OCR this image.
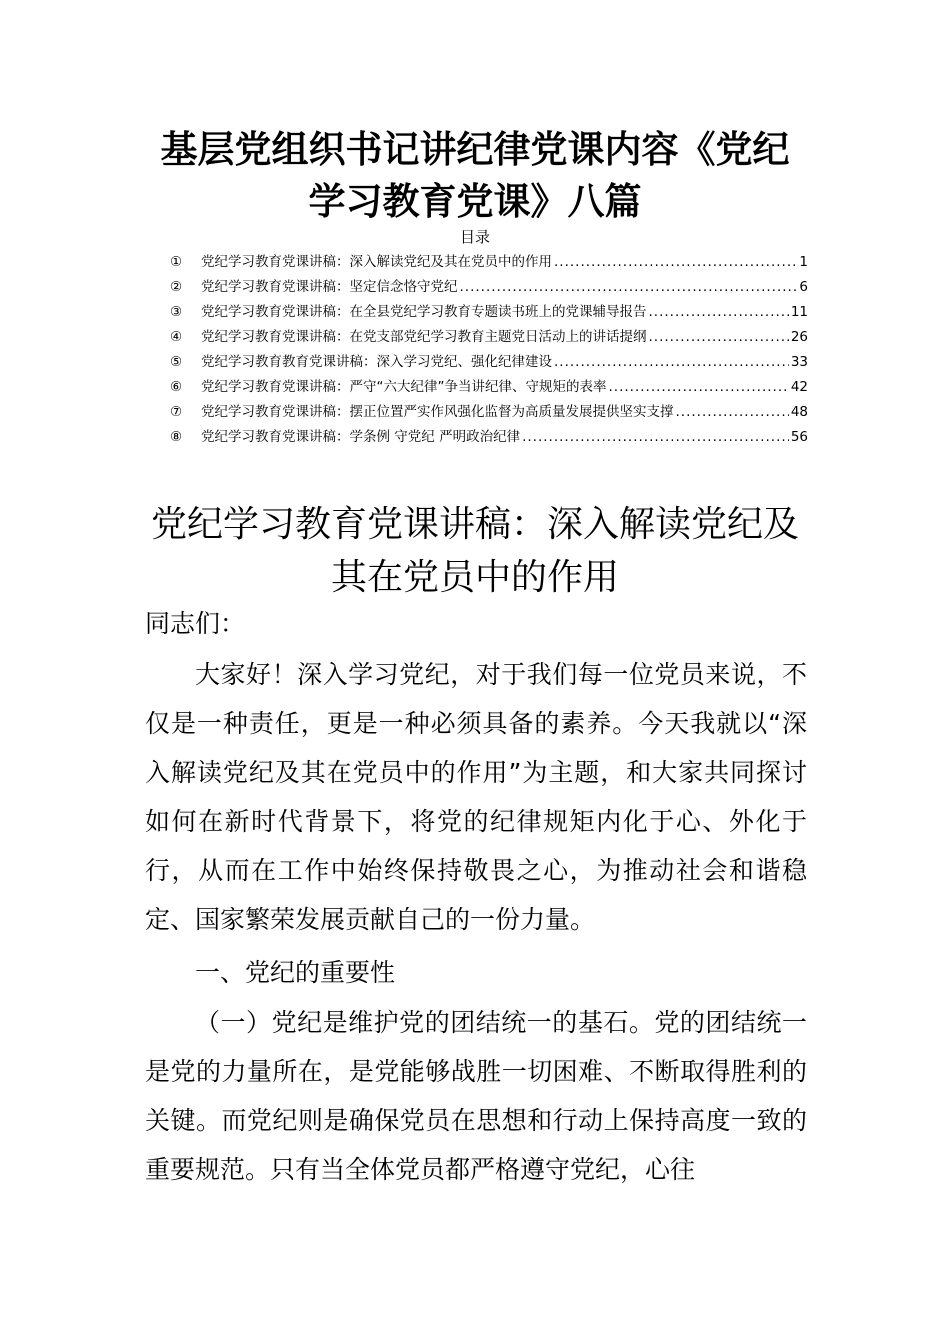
基层党组织书记讲纪律党课内容《党纪学习教育党课》八篇
目录
①	党纪学习教育党课讲稿：深入解读党纪及其在党员中的作用 .....	1
②	党纪学习教育党课讲稿：坚定信念恪守党纪 .....	6
③	党纪学习教育党课讲稿：在全县党纪学习教育专题读书班上的党课辅导报告 .....	11
④	党纪学习教育党课讲稿：在党支部党纪学习教育主题党日活动上的讲话提纲 .....	26
⑤	党纪学习教育教育党课讲稿：深入学习党纪、强化纪律建设 .....	33
⑥	党纪学习教育党课讲稿：严守“六大纪律”争当讲纪律、守规矩的表率 .....	42
⑦	党纪学习教育党课讲稿：摆正位置严实作风强化监督为高质量发展提供坚实支撑 .....	48
⑧	党纪学习教育党课讲稿：学条例 守党纪 严明政治纪律 .....	56
党纪学习教育党课讲稿：深入解读党纪及其在党员中的作用
同志们：

大家好！深入学习党纪，对于我们每一位党员来说，不仅是一种责任，更是一种必须具备的素养。今天我就以“深入解读党纪及其在党员中的作用”为主题，和大家共同探讨如何在新时代背景下，将党的纪律规矩内化于心、外化于行，从而在工作中始终保持敬畏之心，为推动社会和谐稳定、国家繁荣发展贡献自己的一份力量。

一、党纪的重要性

（一）党纪是维护党的团结统一的基石。党的团结统一是党的力量所在，是党能够战胜一切困难、不断取得胜利的关键。而党纪则是确保党员在思想和行动上保持高度一致的重要规范。只有当全体党员都严格遵守党纪，心往
